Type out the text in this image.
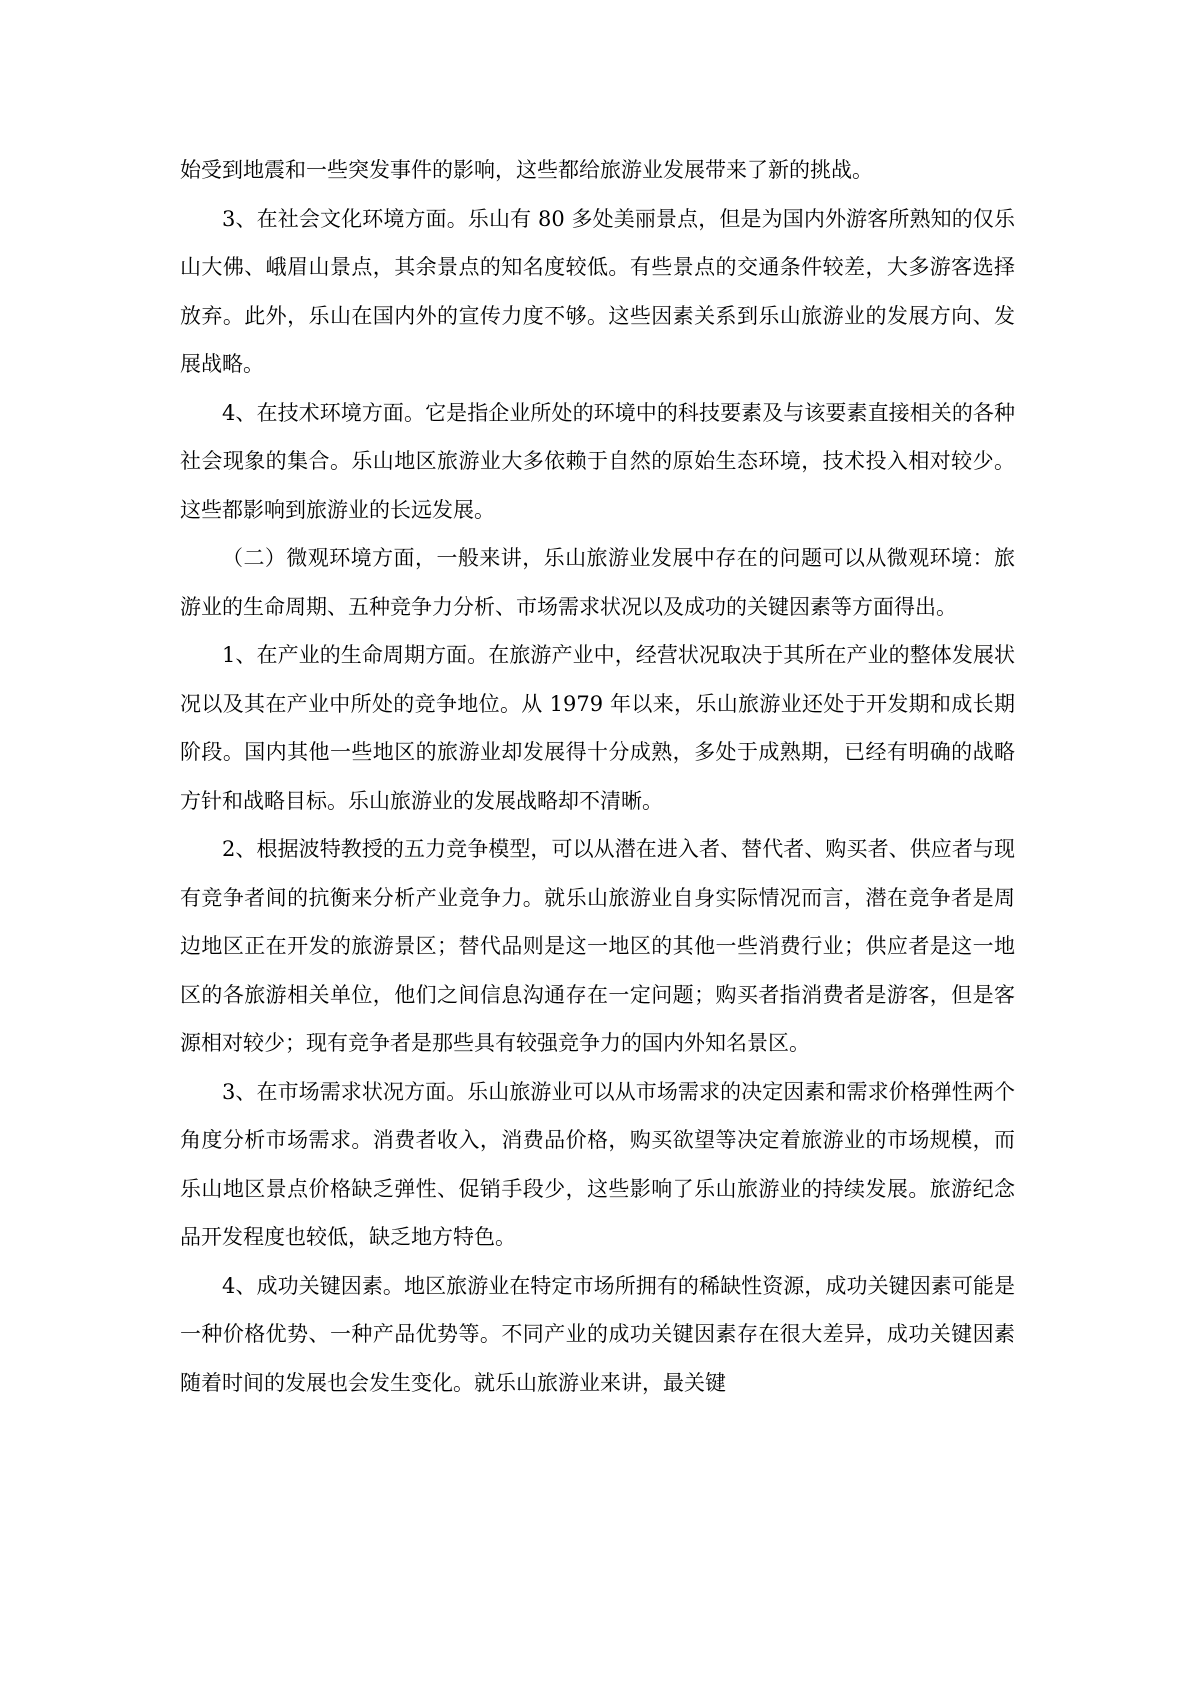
始受到地震和一些突发事件的影响，这些都给旅游业发展带来了新的挑战。

3、在社会文化环境方面。乐山有 80 多处美丽景点，但是为国内外游客所熟知的仅乐山大佛、峨眉山景点，其余景点的知名度较低。有些景点的交通条件较差，大多游客选择放弃。此外，乐山在国内外的宣传力度不够。这些因素关系到乐山旅游业的发展方向、发展战略。

4、在技术环境方面。它是指企业所处的环境中的科技要素及与该要素直接相关的各种社会现象的集合。乐山地区旅游业大多依赖于自然的原始生态环境，技术投入相对较少。这些都影响到旅游业的长远发展。

（二）微观环境方面，一般来讲，乐山旅游业发展中存在的问题可以从微观环境：旅游业的生命周期、五种竞争力分析、市场需求状况以及成功的关键因素等方面得出。

1、在产业的生命周期方面。在旅游产业中，经营状况取决于其所在产业的整体发展状况以及其在产业中所处的竞争地位。从 1979 年以来，乐山旅游业还处于开发期和成长期阶段。国内其他一些地区的旅游业却发展得十分成熟，多处于成熟期，已经有明确的战略方针和战略目标。乐山旅游业的发展战略却不清晰。

2、根据波特教授的五力竞争模型，可以从潜在进入者、替代者、购买者、供应者与现有竞争者间的抗衡来分析产业竞争力。就乐山旅游业自身实际情况而言，潜在竞争者是周边地区正在开发的旅游景区；替代品则是这一地区的其他一些消费行业；供应者是这一地区的各旅游相关单位，他们之间信息沟通存在一定问题；购买者指消费者是游客，但是客源相对较少；现有竞争者是那些具有较强竞争力的国内外知名景区。

3、在市场需求状况方面。乐山旅游业可以从市场需求的决定因素和需求价格弹性两个角度分析市场需求。消费者收入，消费品价格，购买欲望等决定着旅游业的市场规模，而乐山地区景点价格缺乏弹性、促销手段少，这些影响了乐山旅游业的持续发展。旅游纪念品开发程度也较低，缺乏地方特色。

4、成功关键因素。地区旅游业在特定市场所拥有的稀缺性资源，成功关键因素可能是一种价格优势、一种产品优势等。不同产业的成功关键因素存在很大差异，成功关键因素随着时间的发展也会发生变化。就乐山旅游业来讲，最关键
